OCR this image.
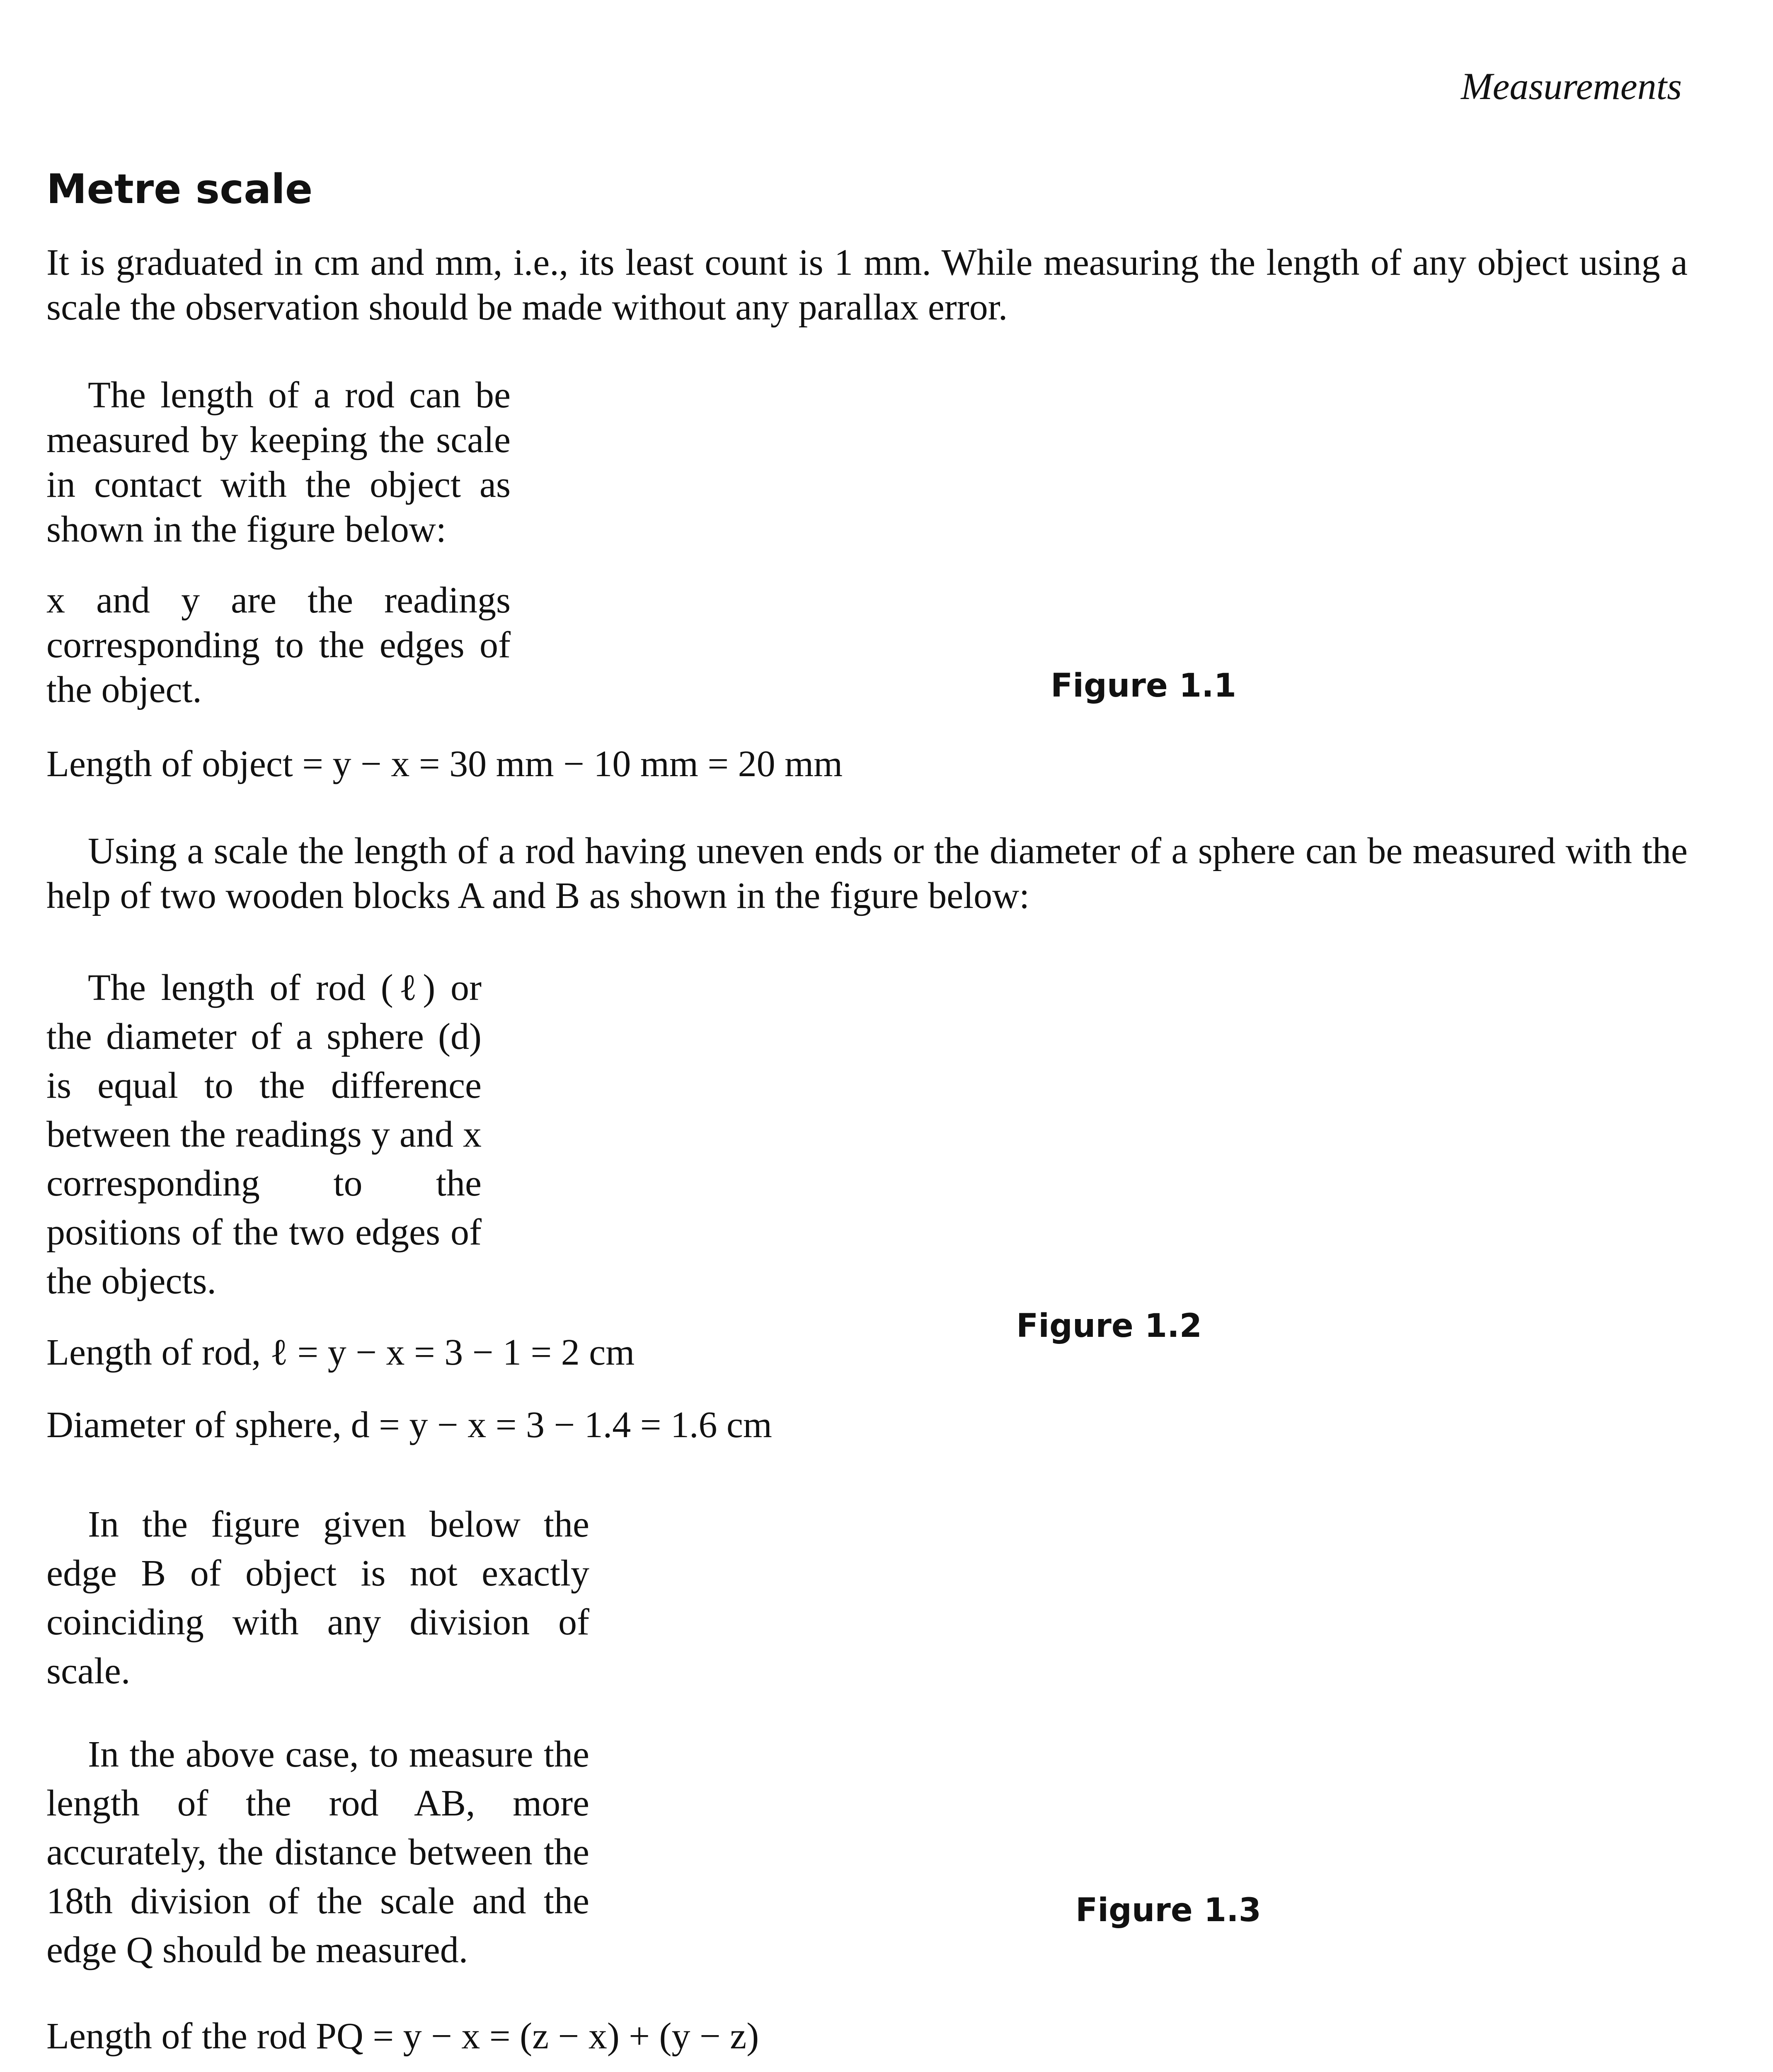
Measurements
Metre scale
It is graduated in cm and mm, i.e., its least count is 1 mm. While measuring the length of any object using a scale the observation should be made without any parallax error.
The length of a rod can be measured by keeping the scale in contact with the object as shown in the figure below:
x and y are the readings corresponding to the edges of the object.	Figure 1.1
Length of object = y − x = 30 mm − 10 mm = 20 mm
Using a scale the length of a rod having uneven ends or the diameter of a sphere can be measured with the help of two wooden blocks A and B as shown in the figure below:
The length of rod (ℓ) or the diameter of a sphere (d) is equal to the difference between the readings y and x corresponding to the positions of the two edges of the objects.
Figure 1.2
Length of rod, ℓ = y − x = 3 − 1 = 2 cm
Diameter of sphere, d = y − x = 3 − 1.4 = 1.6 cm
In the figure given below the edge B of object is not exactly coinciding with any division of scale.
In the above case, to measure the length of the rod AB, more accurately, the distance between the 18th division of the scale and the edge Q should be measured.
Figure 1.3
Length of the rod PQ = y − x = (z − x) + (y − z)
